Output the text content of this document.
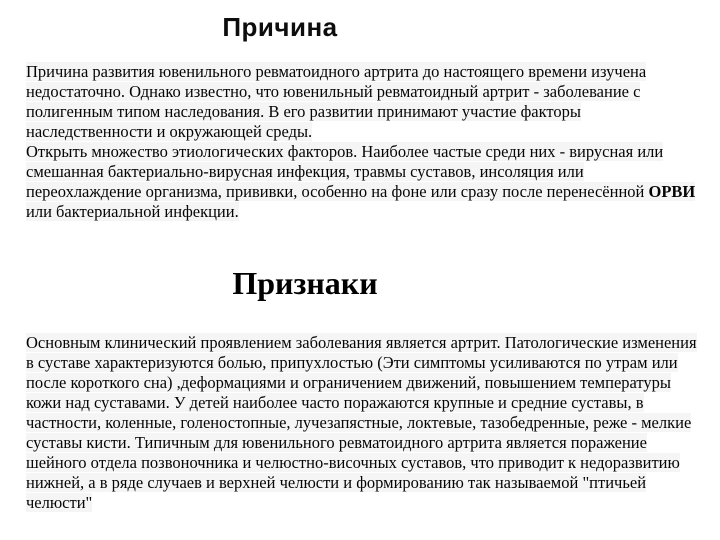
Причина
Причина развития ювенильного ревматоидного артрита до настоящего времени изучена
недостаточно. Однако известно, что ювенильный ревматоидный артрит - заболевание с
полигенным типом наследования. В его развитии принимают участие факторы
наследственности и окружающей среды.
Открыть множество этиологических факторов. Наиболее частые среди них - вирусная или
смешанная бактериально-вирусная инфекция, травмы суставов, инсоляция или
переохлаждение организма, прививки, особенно на фоне или сразу после перенесённой ОРВИ
или бактериальной инфекции.
Признаки
Основным клинический проявлением заболевания является артрит. Патологические изменения
в суставе характеризуются болью, припухлостью (Эти симптомы усиливаются по утрам или
после короткого сна) ,деформациями и ограничением движений, повышением температуры
кожи над суставами. У детей наиболее часто поражаются крупные и средние суставы, в
частности, коленные, голеностопные, лучезапястные, локтевые, тазобедренные, реже - мелкие
суставы кисти. Типичным для ювенильного ревматоидного артрита является поражение
шейного отдела позвоночника и челюстно-височных суставов, что приводит к недоразвитию
нижней, а в ряде случаев и верхней челюсти и формированию так называемой "птичьей
челюсти"
